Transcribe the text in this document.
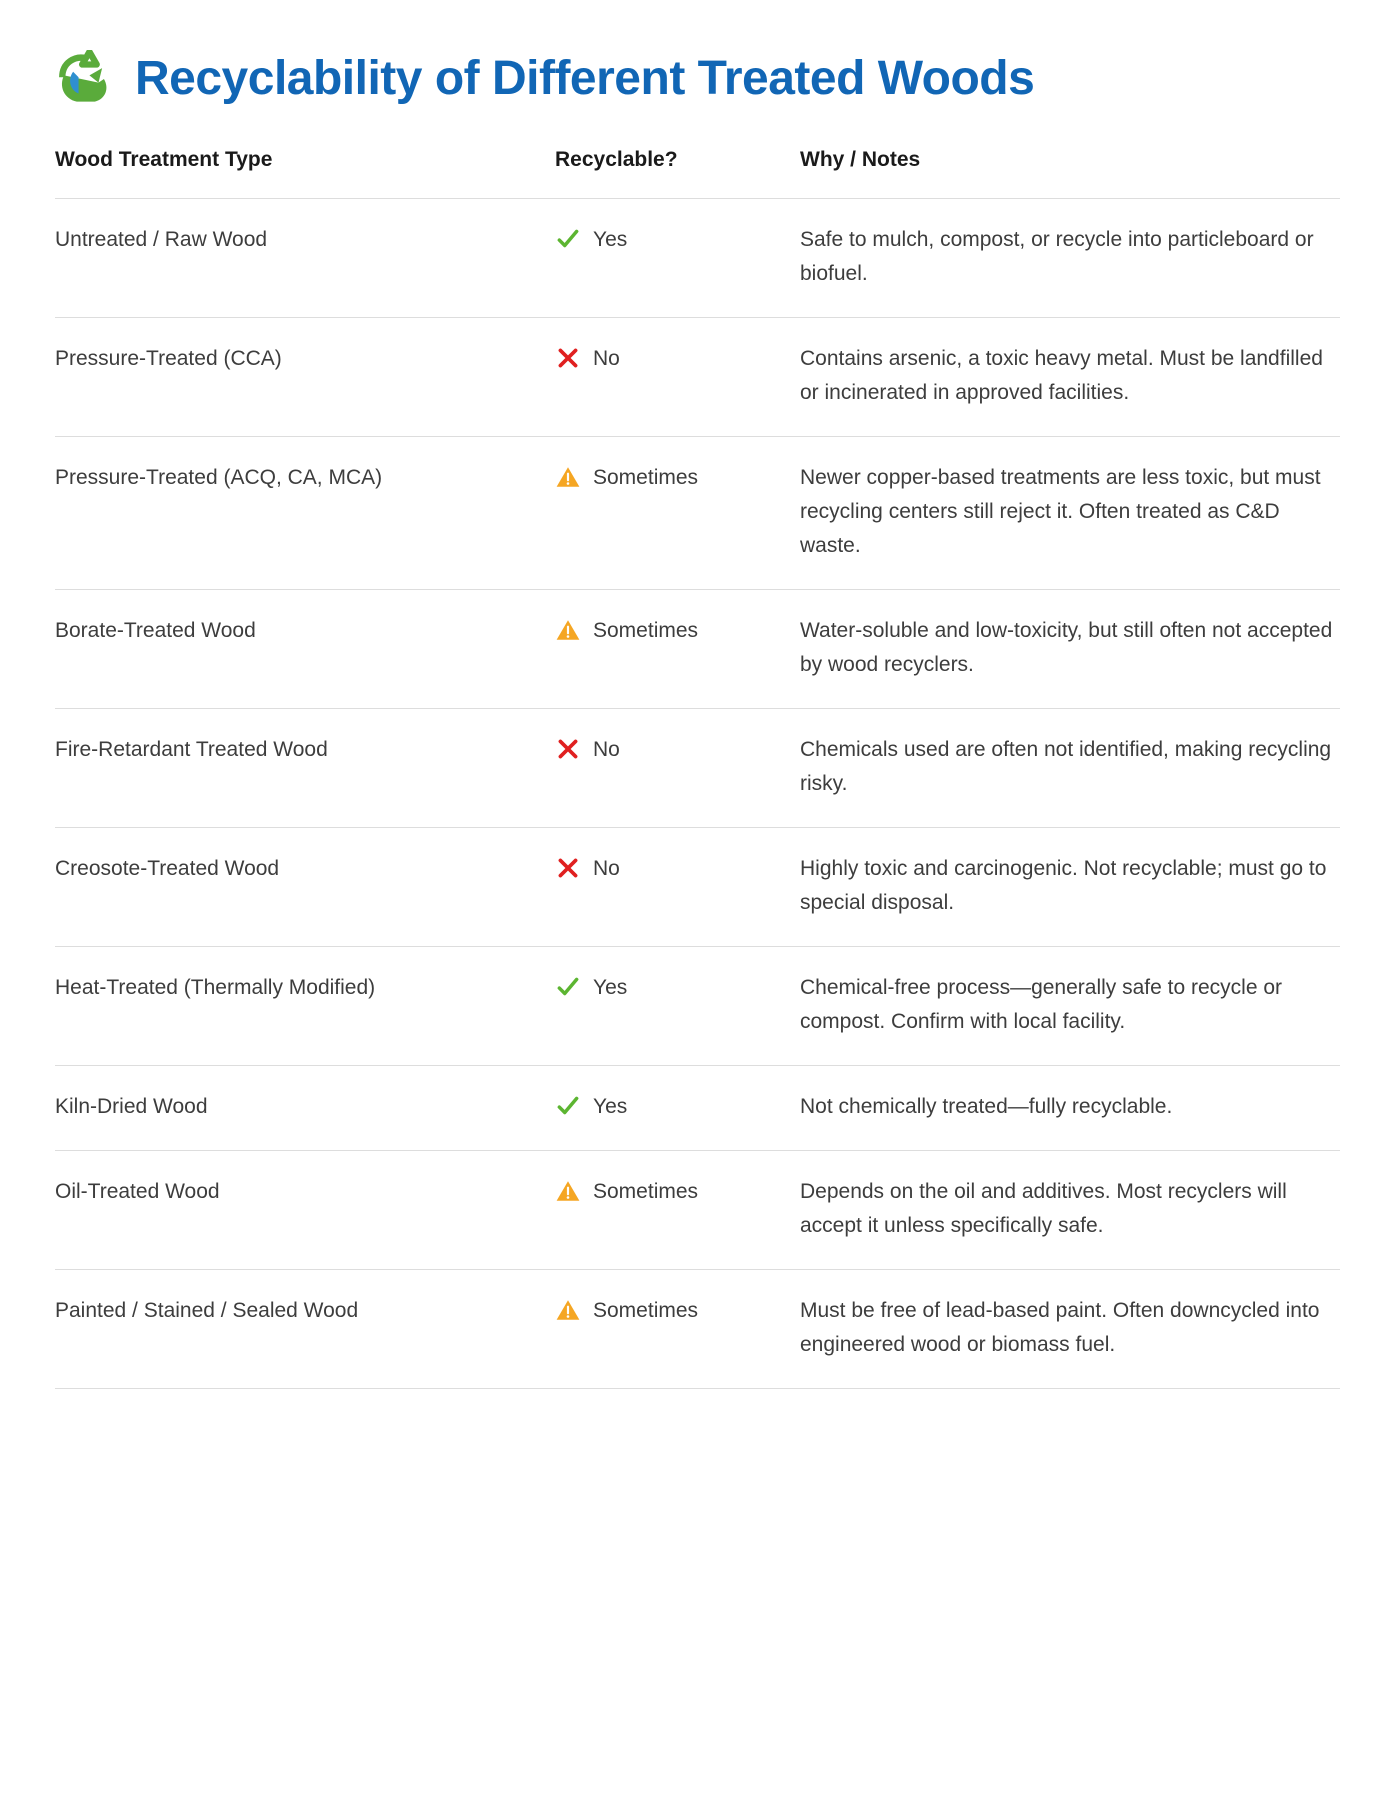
Recyclability of Different Treated Woods
Wood Treatment Type	Recyclable?	Why / Notes
Untreated / Raw Wood	Yes	Safe to mulch, compost, or recycle into particleboard or biofuel.
Pressure-Treated (CCA)	No	Contains arsenic, a toxic heavy metal. Must be landfilled or incinerated in approved facilities.
Pressure-Treated (ACQ, CA, MCA)	Sometimes	Newer copper-based treatments are less toxic, but must recycling centers still reject it. Often treated as C&D waste.
Borate-Treated Wood	Sometimes	Water-soluble and low-toxicity, but still often not accepted by wood recyclers.
Fire-Retardant Treated Wood	No	Chemicals used are often not identified, making recycling risky.
Creosote-Treated Wood	No	Highly toxic and carcinogenic. Not recyclable; must go to special disposal.
Heat-Treated (Thermally Modified)	Yes	Chemical-free process—generally safe to recycle or compost. Confirm with local facility.
Kiln-Dried Wood	Yes	Not chemically treated—fully recyclable.
Oil-Treated Wood	Sometimes	Depends on the oil and additives. Most recyclers will accept it unless specifically safe.
Painted / Stained / Sealed Wood	Sometimes	Must be free of lead-based paint. Often downcycled into engineered wood or biomass fuel.
